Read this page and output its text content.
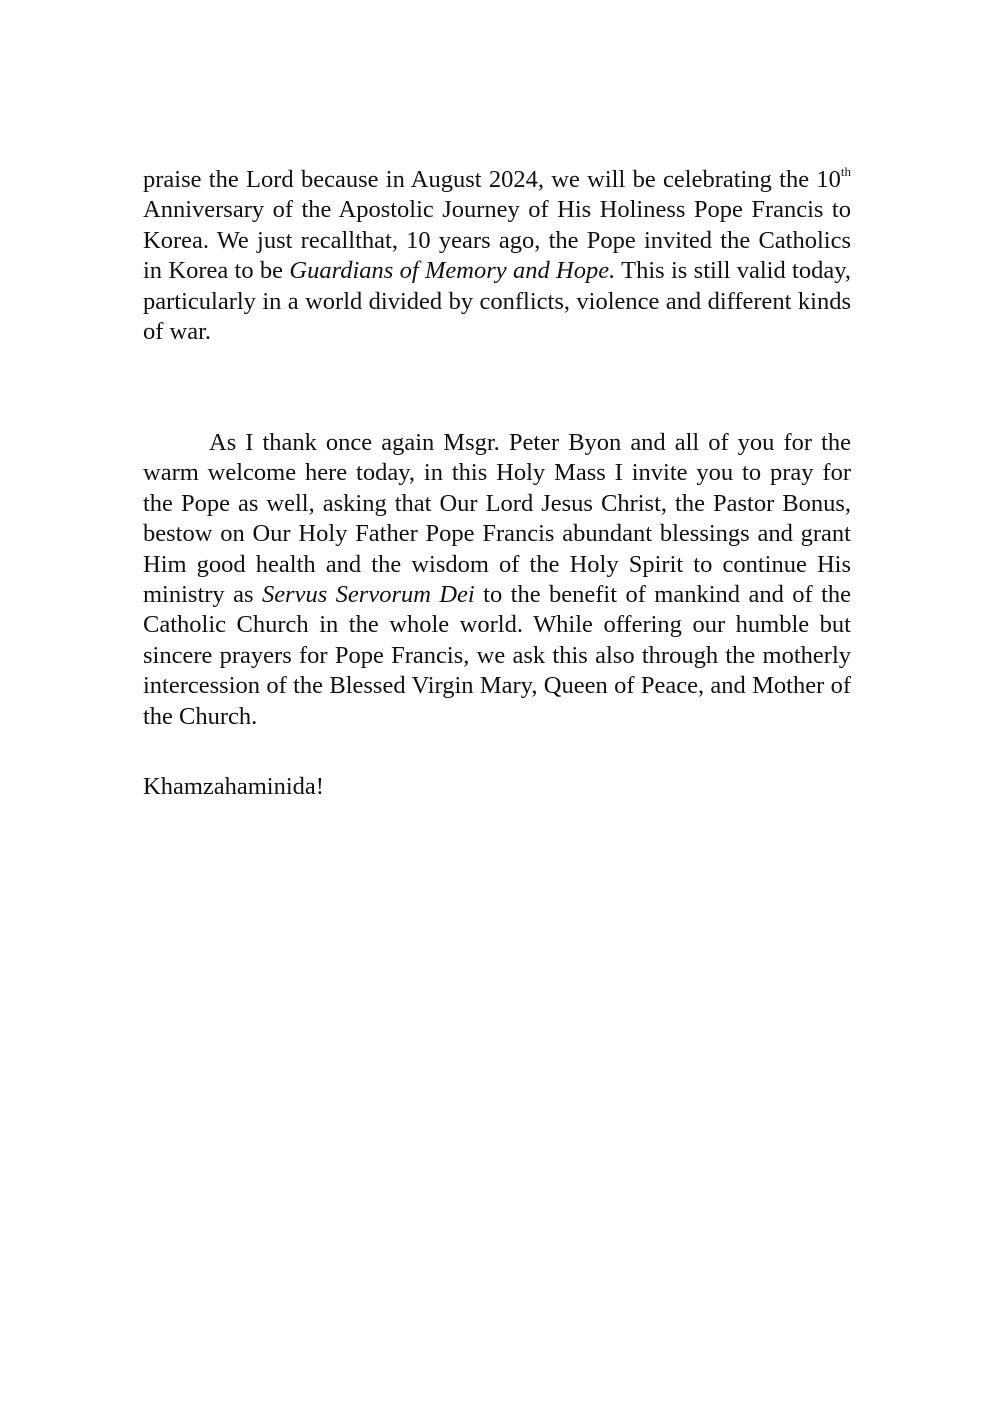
praise the Lord because in August 2024, we will be celebrating the 10th Anniversary of the Apostolic Journey of His Holiness Pope Francis to Korea. We just recallthat, 10 years ago, the Pope invited the Catholics in Korea to be Guardians of Memory and Hope. This is still valid today, particularly in a world divided by conflicts, violence and different kinds of war.

As I thank once again Msgr. Peter Byon and all of you for the warm welcome here today, in this Holy Mass I invite you to pray for the Pope as well, asking that Our Lord Jesus Christ, the Pastor Bonus, bestow on Our Holy Father Pope Francis abundant blessings and grant Him good health and the wisdom of the Holy Spirit to continue His ministry as Servus Servorum Dei to the benefit of mankind and of the Catholic Church in the whole world. While offering our humble but sincere prayers for Pope Francis, we ask this also through the motherly intercession of the Blessed Virgin Mary, Queen of Peace, and Mother of the Church.

Khamzahaminida!
